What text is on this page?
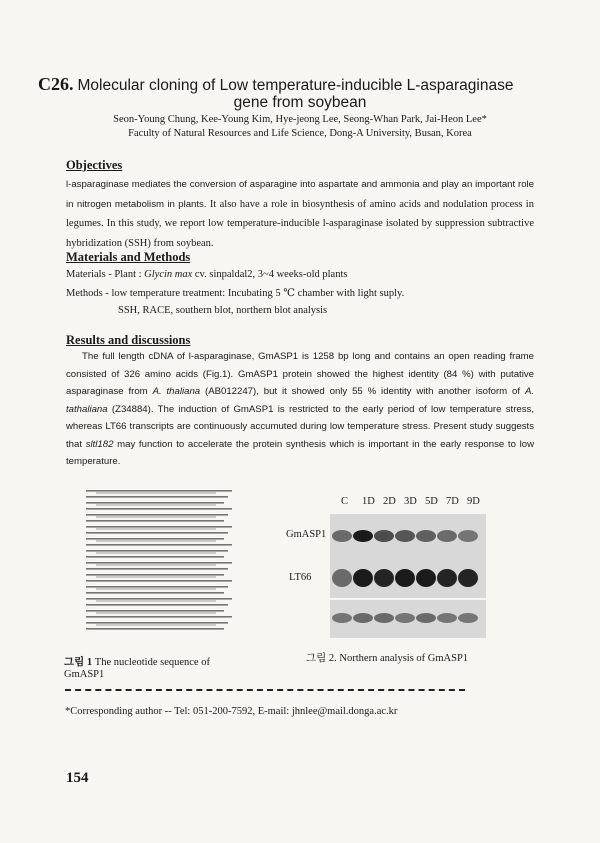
C26. Molecular cloning of Low temperature-inducible L-asparaginase
gene from soybean
Seon-Young Chung, Kee-Young Kim, Hye-jeong Lee, Seong-Whan Park, Jai-Heon Lee*
Faculty of Natural Resources and Life Science, Dong-A University, Busan, Korea
Objectives
l-asparaginase mediates the conversion of asparagine into aspartate and ammonia and play an important role in nitrogen metabolism in plants. It also have a role in biosynthesis of amino acids and nodulation process in legumes. In this study, we report low temperature-inducible l-asparaginase isolated by suppression subtractive hybridization (SSH) from soybean.
Materials and Methods
Materials - Plant : Glycin max cv. sinpaldal2, 3~4 weeks-old plants
Methods - low temperature treatment: Incubating 5 ℃ chamber with light suply.
SSH, RACE, southern blot, northern blot analysis
Results and discussions
The full length cDNA of l-asparaginase, GmASP1 is 1258 bp long and contains an open reading frame consisted of 326 amino acids (Fig.1). GmASP1 protein showed the highest identity (84 %) with putative asparaginase from A. thaliana (AB012247), but it showed only 55 % identity with another isoform of A. tathaliana (Z34884). The induction of GmASP1 is restricted to the early period of low temperature stress, whereas LT66 transcripts are continuously accumuted during low temperature stress. Present study suggests that sltl182 may function to accelerate the protein synthesis which is important in the early response to low temperature.
그림 1 The nucleotide sequence of
GmASP1
C 1D 2D 3D 5D 7D 9D
GmASP1
LT66
그림 2. Northern analysis of GmASP1
*Corresponding author -- Tel: 051-200-7592, E-mail: jhnlee@mail.donga.ac.kr
154
